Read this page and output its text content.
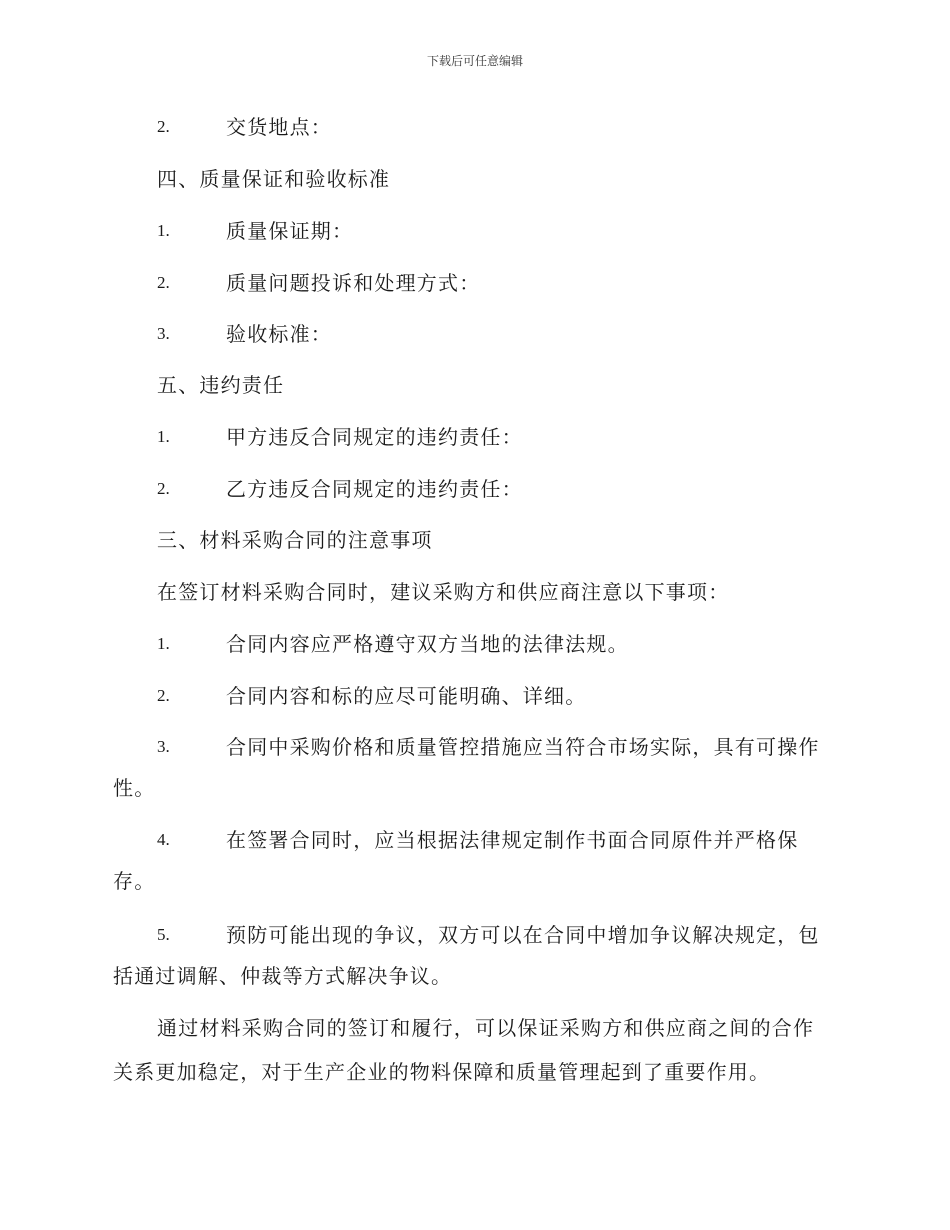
下载后可任意编辑
2.	交货地点：
四、质量保证和验收标准
1.	质量保证期：
2.	质量问题投诉和处理方式：
3.	验收标准：
五、违约责任
1.	甲方违反合同规定的违约责任：
2.	乙方违反合同规定的违约责任：
三、材料采购合同的注意事项
在签订材料采购合同时，建议采购方和供应商注意以下事项：
1.	合同内容应严格遵守双方当地的法律法规。
2.	合同内容和标的应尽可能明确、详细。
3.	合同中采购价格和质量管控措施应当符合市场实际，具有可操作
性。
4.	在签署合同时，应当根据法律规定制作书面合同原件并严格保
存。
5.	预防可能出现的争议，双方可以在合同中增加争议解决规定，包
括通过调解、仲裁等方式解决争议。
通过材料采购合同的签订和履行，可以保证采购方和供应商之间的合作
关系更加稳定，对于生产企业的物料保障和质量管理起到了重要作用。
